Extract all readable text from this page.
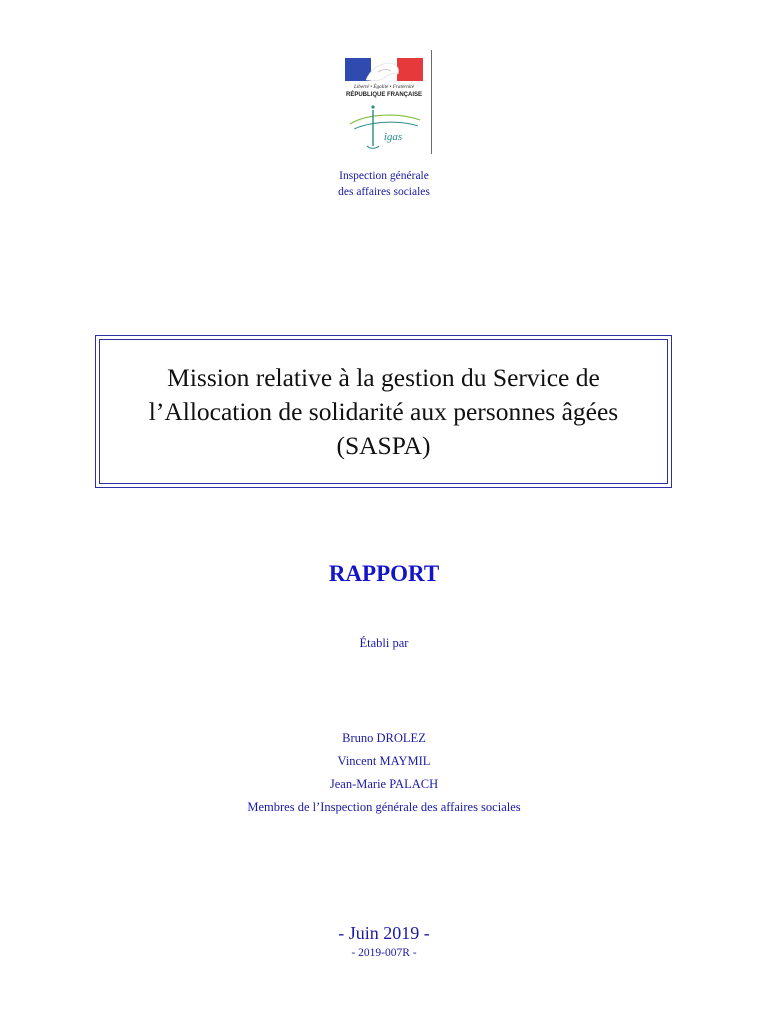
Liberté • Égalité • Fraternité
RÉPUBLIQUE FRANÇAISE
igas
Inspection générale
des affaires sociales
Mission relative à la gestion du Service de
l’Allocation de solidarité aux personnes âgées
(SASPA)
RAPPORT
Établi par
Bruno DROLEZ
Vincent MAYMIL
Jean-Marie PALACH
Membres de l’Inspection générale des affaires sociales
- Juin 2019 -
- 2019-007R -
